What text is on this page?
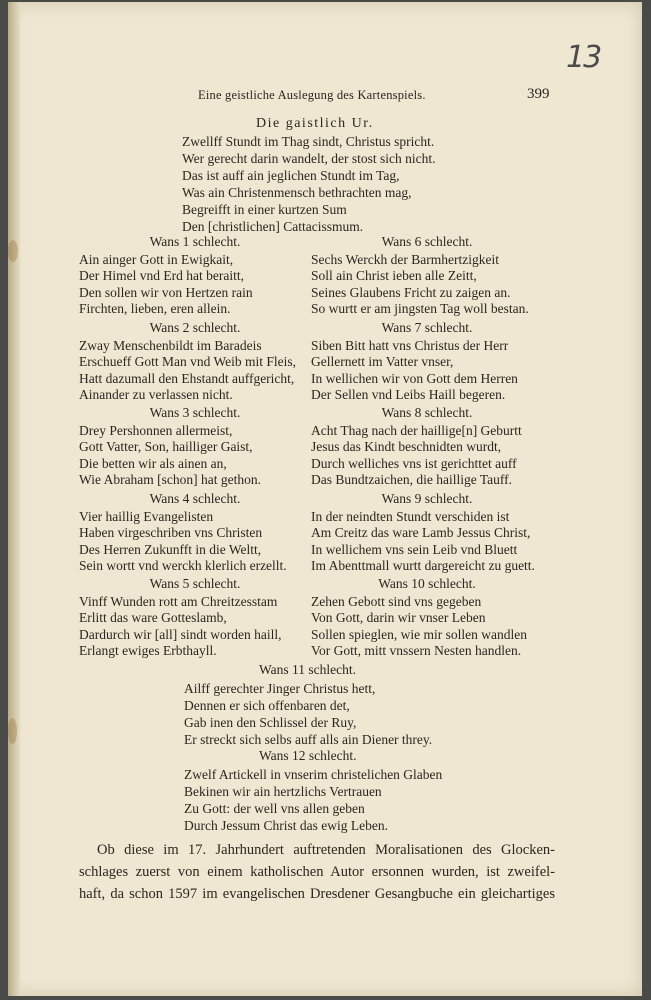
13
Eine geistliche Auslegung des Kartenspiels.	399
Die gaistlich Ur.
Zwellff Stundt im Thag sindt, Christus spricht.
Wer gerecht darin wandelt, der stost sich nicht.
Das ist auff ain jeglichen Stundt im Tag,
Was ain Christenmensch bethrachten mag,
Begreifft in einer kurtzen Sum
Den [christlichen] Cattacissmum.
Wans 1 schlecht.
Ain ainger Gott in Ewigkait,
Der Himel vnd Erd hat beraitt,
Den sollen wir von Hertzen rain
Firchten, lieben, eren allein.
Wans 2 schlecht.
Zway Menschenbildt im Baradeis
Erschueff Gott Man vnd Weib mit Fleis,
Hatt dazumall den Ehstandt auffgericht,
Ainander zu verlassen nicht.
Wans 3 schlecht.
Drey Pershonnen allermeist,
Gott Vatter, Son, hailliger Gaist,
Die betten wir als ainen an,
Wie Abraham [schon] hat gethon.
Wans 4 schlecht.
Vier haillig Evangelisten
Haben virgeschriben vns Christen
Des Herren Zukunfft in die Weltt,
Sein wortt vnd werckh klerlich erzellt.
Wans 5 schlecht.
Vinff Wunden rott am Chreitzesstam
Erlitt das ware Gotteslamb,
Dardurch wir [all] sindt worden haill,
Erlangt ewiges Erbthayll.
Wans 6 schlecht.
Sechs Werckh der Barmhertzigkeit
Soll ain Christ ieben alle Zeitt,
Seines Glaubens Fricht zu zaigen an.
So wurtt er am jingsten Tag woll bestan.
Wans 7 schlecht.
Siben Bitt hatt vns Christus der Herr
Gellernett im Vatter vnser,
In wellichen wir von Gott dem Herren
Der Sellen vnd Leibs Haill begeren.
Wans 8 schlecht.
Acht Thag nach der haillige[n] Geburtt
Jesus das Kindt beschnidten wurdt,
Durch welliches vns ist gerichttet auff
Das Bundtzaichen, die haillige Tauff.
Wans 9 schlecht.
In der neindten Stundt verschiden ist
Am Creitz das ware Lamb Jessus Christ,
In wellichem vns sein Leib vnd Bluett
Im Abenttmall wurtt dargereicht zu guett.
Wans 10 schlecht.
Zehen Gebott sind vns gegeben
Von Gott, darin wir vnser Leben
Sollen spieglen, wie mir sollen wandlen
Vor Gott, mitt vnssern Nesten handlen.
Wans 11 schlecht.
Ailff gerechter Jinger Christus hett,
Dennen er sich offenbaren det,
Gab inen den Schlissel der Ruy,
Er streckt sich selbs auff alls ain Diener threy.
Wans 12 schlecht.
Zwelf Artickell in vnserim christelichen Glaben
Bekinen wir ain hertzlichs Vertrauen
Zu Gott: der well vns allen geben
Durch Jessum Christ das ewig Leben.
Ob diese im 17. Jahrhundert auftretenden Moralisationen des Glocken-
schlages zuerst von einem katholischen Autor ersonnen wurden, ist zweifel-
haft, da schon 1597 im evangelischen Dresdener Gesangbuche ein gleichartiges
